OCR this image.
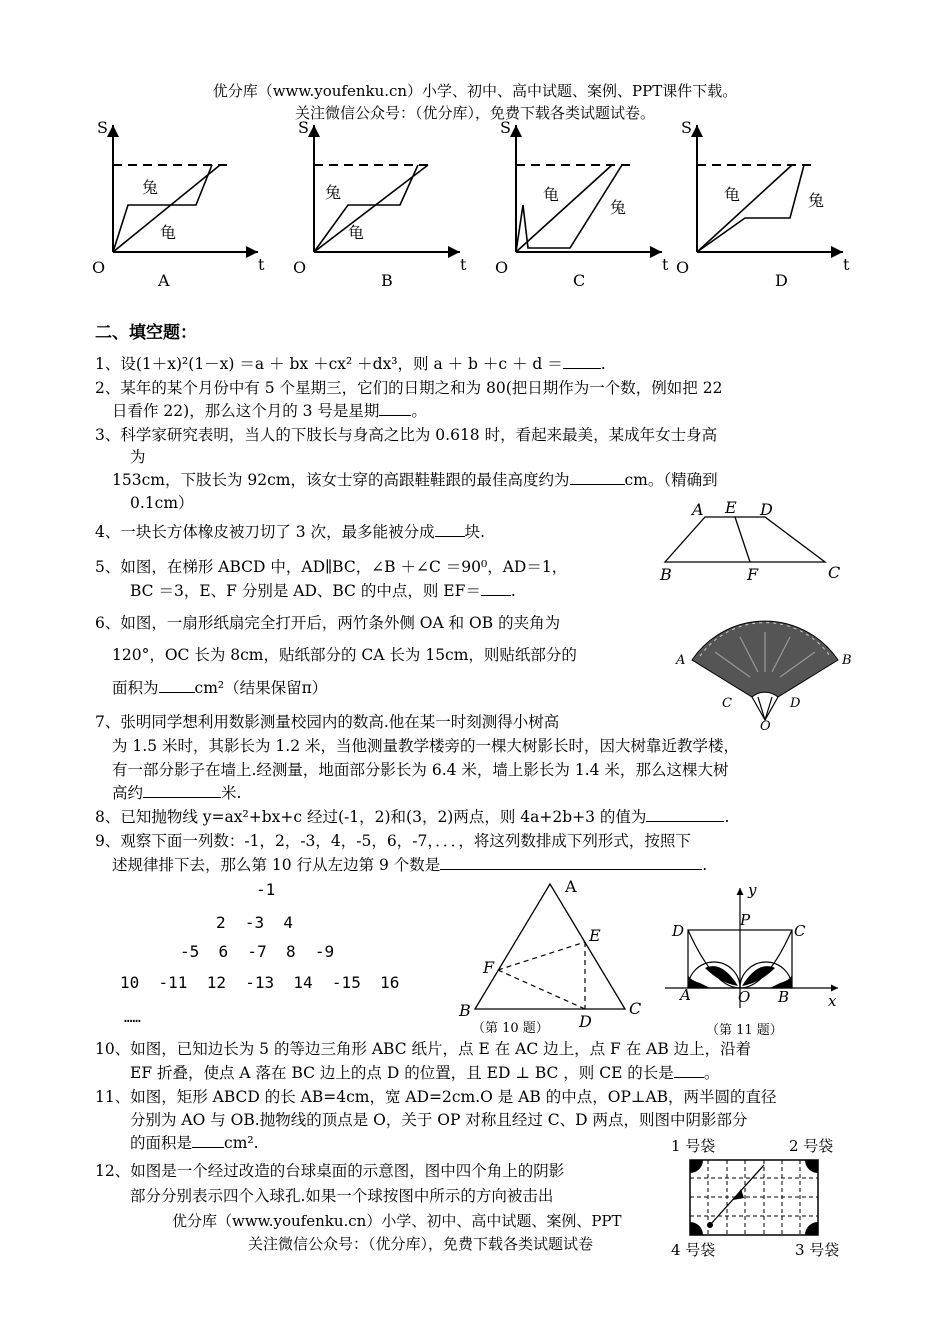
优分库（www.youfenku.cn）小学、初中、高中试题、案例、PPT课件下载。
关注微信公众号：（优分库），免费下载各类试题试卷。
S
t
O
兔
龟
A
S
t
O
兔
龟
B
S
t
O
龟
兔
C
S
t
O
龟	兔
D
二、填空题：
1、设(1＋x)²(1－x) ＝a ＋ bx ＋cx² ＋dx³，则 a ＋ b ＋c ＋ d ＝ .
2、某年的某个月份中有 5 个星期三，它们的日期之和为 80(把日期作为一个数，例如把 22
日看作 22)，那么这个月的 3 号是星期 。
3、科学家研究表明，当人的下肢长与身高之比为 0.618 时，看起来最美，某成年女士身高
为
153cm，下肢长为 92cm，该女士穿的高跟鞋鞋跟的最佳高度约为	cm。（精确到
0.1cm）
4、一块长方体橡皮被刀切了 3 次，最多能被分成 块.
5、如图，在梯形 ABCD 中，AD∥BC，∠B ＋∠C ＝90⁰，AD＝1，
BC ＝3，E、F 分别是 AD、BC 的中点，则 EF＝ .
A E D
B	F	C
6、如图，一扇形纸扇完全打开后，两竹条外侧 OA 和 OB 的夹角为
120°，OC 长为 8cm，贴纸部分的 CA 长为 15cm，则贴纸部分的
面积为 cm²（结果保留π）
A	B
C	D
O
7、张明同学想利用数影测量校园内的数高.他在某一时刻测得小树高
为 1.5 米时，其影长为 1.2 米，当他测量教学楼旁的一棵大树影长时，因大树靠近教学楼，
有一部分影子在墙上.经测量，地面部分影长为 6.4 米，墙上影长为 1.4 米，那么这棵大树
高约	米.
8、已知抛物线 y=ax²+bx+c 经过(-1，2)和(3，2)两点，则 4a+2b+3 的值为	.
9、观察下面一列数：-1，2，-3，4，-5，6，-7，．．．，将这列数排成下列形式，按照下
述规律排下去，那么第 10 行从左边第 9 个数是	.
-1
2  -3  4
-5  6  -7  8  -9
10  -11  12  -13  14  -15  16
……
A
B	C
D
E
F
（第 10 题）
y
x
P
D	C
A	O B
（第 11 题）
10、如图，已知边长为 5 的等边三角形 ABC 纸片，点 E 在 AC 边上，点 F 在 AB 边上，沿着
EF 折叠，使点 A 落在 BC 边上的点 D 的位置，且 ED ⊥ BC ，则 CE 的长是 。
11、如图，矩形 ABCD 的长 AB=4cm，宽 AD=2cm.O 是 AB 的中点，OP⊥AB，两半圆的直径
分别为 AO 与 OB.抛物线的顶点是 O，关于 OP 对称且经过 C、D 两点，则图中阴影部分
的面积是 cm².
12、如图是一个经过改造的台球桌面的示意图，图中四个角上的阴影
部分分别表示四个入球孔.如果一个球按图中所示的方向被击出
1 号袋	2 号袋
3 号袋
4 号袋
优分库（www.youfenku.cn）小学、初中、高中试题、案例、PPT
关注微信公众号：（优分库），免费下载各类试题试卷
